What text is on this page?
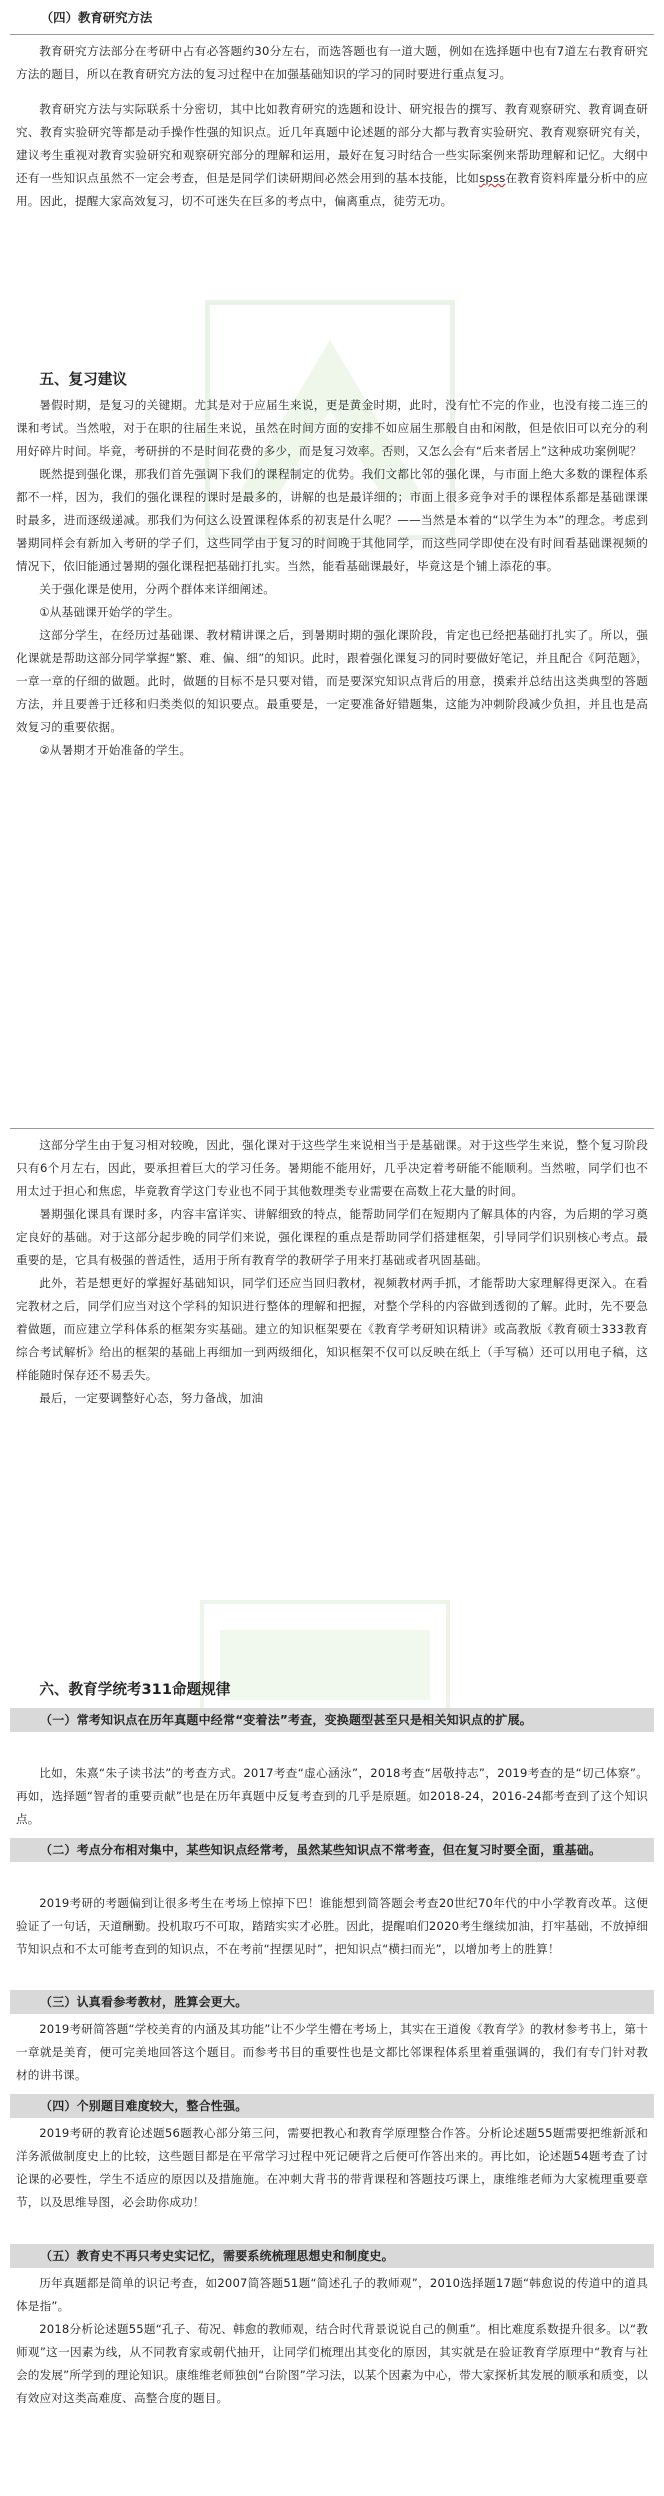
（四）教育研究方法

教育研究方法部分在考研中占有必答题约30分左右，而选答题也有一道大题，例如在选择题中也有7道左右教育研究方法的题目，所以在教育研究方法的复习过程中在加强基础知识的学习的同时要进行重点复习。

教育研究方法与实际联系十分密切，其中比如教育研究的选题和设计、研究报告的撰写、教育观察研究、教育调查研究、教育实验研究等都是动手操作性强的知识点。近几年真题中论述题的部分大都与教育实验研究、教育观察研究有关，建议考生重视对教育实验研究和观察研究部分的理解和运用，最好在复习时结合一些实际案例来帮助理解和记忆。大纲中还有一些知识点虽然不一定会考查，但是是同学们读研期间必然会用到的基本技能，比如spss在教育资料库量分析中的应用。因此，提醒大家高效复习，切不可迷失在巨多的考点中，偏离重点，徒劳无功。

五、复习建议

暑假时期，是复习的关键期。尤其是对于应届生来说，更是黄金时期，此时，没有忙不完的作业，也没有接二连三的课和考试。当然啦，对于在职的往届生来说，虽然在时间方面的安排不如应届生那般自由和闲散，但是依旧可以充分的利用好碎片时间。毕竟，考研拼的不是时间花费的多少，而是复习效率。否则，又怎么会有“后来者居上”这种成功案例呢？

既然提到强化课，那我们首先强调下我们的课程制定的优势。我们文都比邻的强化课，与市面上绝大多数的课程体系都不一样，因为，我们的强化课程的课时是最多的，讲解的也是最详细的；市面上很多竞争对手的课程体系都是基础课课时最多，进而逐级递减。那我们为何这么设置课程体系的初衷是什么呢？——当然是本着的“以学生为本”的理念。考虑到暑期同样会有新加入考研的学子们，这些同学由于复习的时间晚于其他同学，而这些同学即使在没有时间看基础课视频的情况下，依旧能通过暑期的强化课程把基础打扎实。当然，能看基础课最好，毕竟这是个铺上添花的事。

关于强化课是使用，分两个群体来详细阐述。

①从基础课开始学的学生。

这部分学生，在经历过基础课、教材精讲课之后，到暑期时期的强化课阶段，肯定也已经把基础打扎实了。所以，强化课就是帮助这部分同学掌握“繁、难、偏、细”的知识。此时，跟着强化课复习的同时要做好笔记，并且配合《阿范题》，一章一章的仔细的做题。此时，做题的目标不是只要对错，而是要深究知识点背后的用意，摸索并总结出这类典型的答题方法，并且要善于迁移和归类类似的知识要点。最重要是，一定要准备好错题集，这能为冲刺阶段减少负担，并且也是高效复习的重要依据。

②从暑期才开始准备的学生。

这部分学生由于复习相对较晚，因此，强化课对于这些学生来说相当于是基础课。对于这些学生来说，整个复习阶段只有6个月左右，因此，要承担着巨大的学习任务。暑期能不能用好，几乎决定着考研能不能顺利。当然啦，同学们也不用太过于担心和焦虑，毕竟教育学这门专业也不同于其他数理类专业需要在高数上花大量的时间。

暑期强化课具有课时多，内容丰富详实、讲解细致的特点，能帮助同学们在短期内了解具体的内容，为后期的学习奠定良好的基础。对于这部分起步晚的同学们来说，强化课程的重点是帮助同学们搭建框架，引导同学们识别核心考点。最重要的是，它具有极强的普适性，适用于所有教育学的教研学子用来打基础或者巩固基础。

此外，若是想更好的掌握好基础知识，同学们还应当回归教材，视频教材两手抓，才能帮助大家理解得更深入。在看完教材之后，同学们应当对这个学科的知识进行整体的理解和把握，对整个学科的内容做到透彻的了解。此时，先不要急着做题，而应建立学科体系的框架夯实基础。建立的知识框架要在《教育学考研知识精讲》或高教版《教育硕士333教育综合考试解析》给出的框架的基础上再细加一到两级细化，知识框架不仅可以反映在纸上（手写稿）还可以用电子稿，这样能随时保存还不易丢失。

最后，一定要调整好心态，努力备战，加油

六、教育学统考311命题规律

（一）常考知识点在历年真题中经常“变着法”考查，变换题型甚至只是相关知识点的扩展。

比如，朱熹“朱子读书法”的考查方式。2017考查“虚心涵泳”，2018考查“居敬持志”，2019考查的是“切己体察”。再如，选择题“智者的重要贡献”也是在历年真题中反复考查到的几乎是原题。如2018-24，2016-24都考查到了这个知识点。

（二）考点分布相对集中，某些知识点经常考，虽然某些知识点不常考查，但在复习时要全面，重基础。

2019考研的考题偏到让很多考生在考场上惊掉下巴！谁能想到简答题会考查20世纪70年代的中小学教育改革。这便验证了一句话，天道酬勤。投机取巧不可取，踏踏实实才必胜。因此，提醒咱们2020考生继续加油，打牢基础，不放掉细节知识点和不太可能考查到的知识点，不在考前“捏摆见时”，把知识点“横扫而光”，以增加考上的胜算！

（三）认真看参考教材，胜算会更大。

2019考研简答题“学校美育的内涵及其功能”让不少学生懵在考场上，其实在王道俊《教育学》的教材参考书上，第十一章就是美育，便可完美地回答这个题目。而参考书目的重要性也是文都比邻课程体系里着重强调的，我们有专门针对教材的讲书课。

（四）个别题目难度较大，整合性强。

2019考研的教育论述题56题教心部分第三问，需要把教心和教育学原理整合作答。分析论述题55题需要把维新派和洋务派做制度史上的比较，这些题目都是在平常学习过程中死记硬背之后便可作答出来的。再比如，论述题54题考查了讨论课的必要性，学生不适应的原因以及措施施。在冲刺大背书的带背课程和答题技巧课上，康维维老师为大家梳理重要章节，以及思维导图，必会助你成功！

（五）教育史不再只考史实记忆，需要系统梳理思想史和制度史。

历年真题都是简单的识记考查，如2007简答题51题“简述孔子的教师观”，2010选择题17题“韩愈说的传道中的道具体是指”。

2018分析论述题55题“孔子、荀况、韩愈的教师观，结合时代背景说说自己的侧重”。相比难度系数提升很多。以“教师观”这一因素为线，从不同教育家或朝代抽开，让同学们梳理出其变化的原因，其实就是在验证教育学原理中“教育与社会的发展”所学到的理论知识。康维维老师独创“台阶图”学习法，以某个因素为中心，带大家探析其发展的顺承和质变，以有效应对这类高难度、高整合度的题目。
